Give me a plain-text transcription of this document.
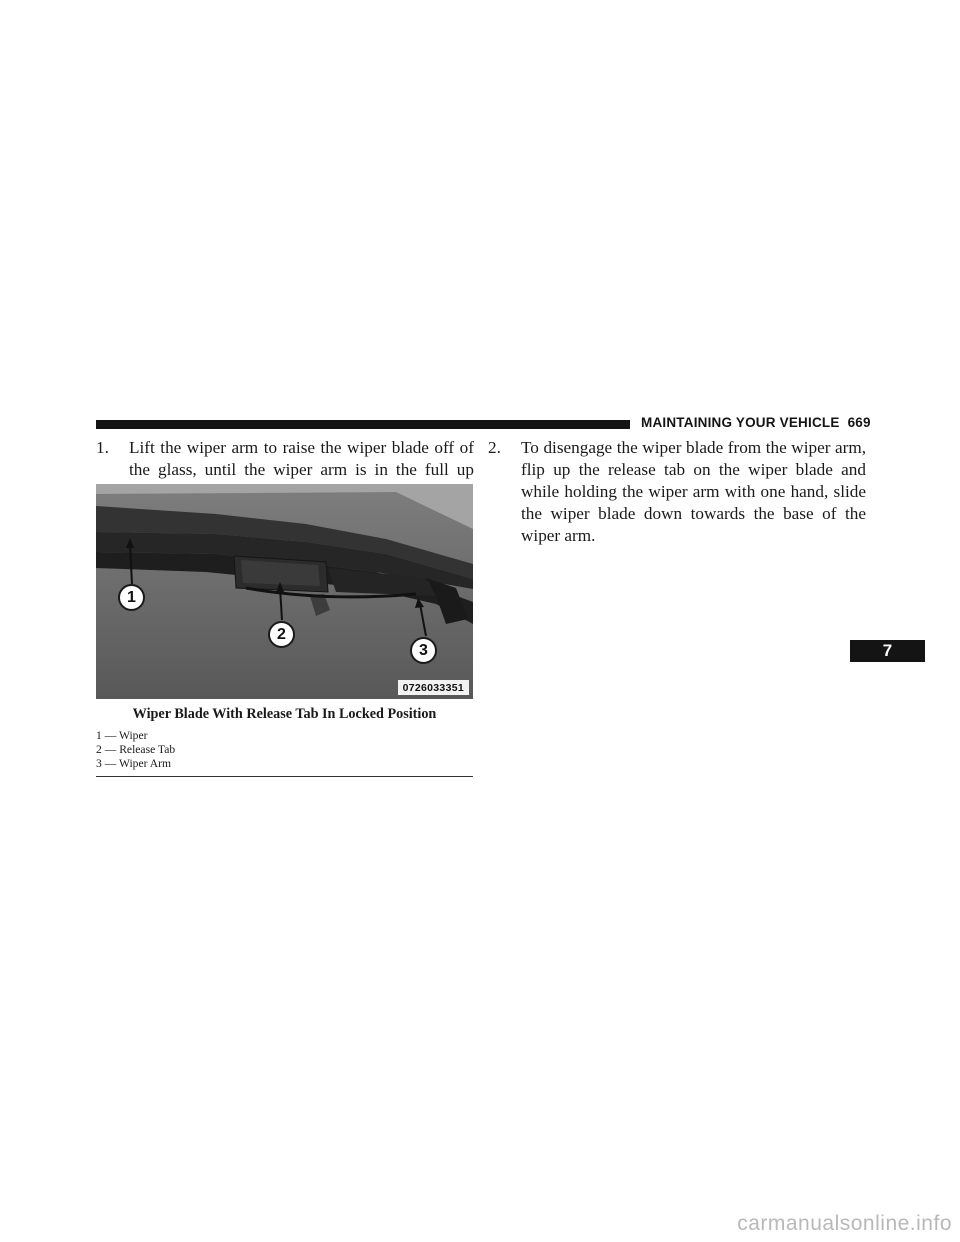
MAINTAINING YOUR VEHICLE 669
1. Lift the wiper arm to raise the wiper blade off of the glass, until the wiper arm is in the full up
1
2
3
0726033351
Wiper Blade With Release Tab In Locked Position
1 — Wiper
2 — Release Tab
3 — Wiper Arm
2. To disengage the wiper blade from the wiper arm, flip up the release tab on the wiper blade and while holding the wiper arm with one hand, slide the wiper blade down towards the base of the wiper arm.
7
carmanualsonline.info
